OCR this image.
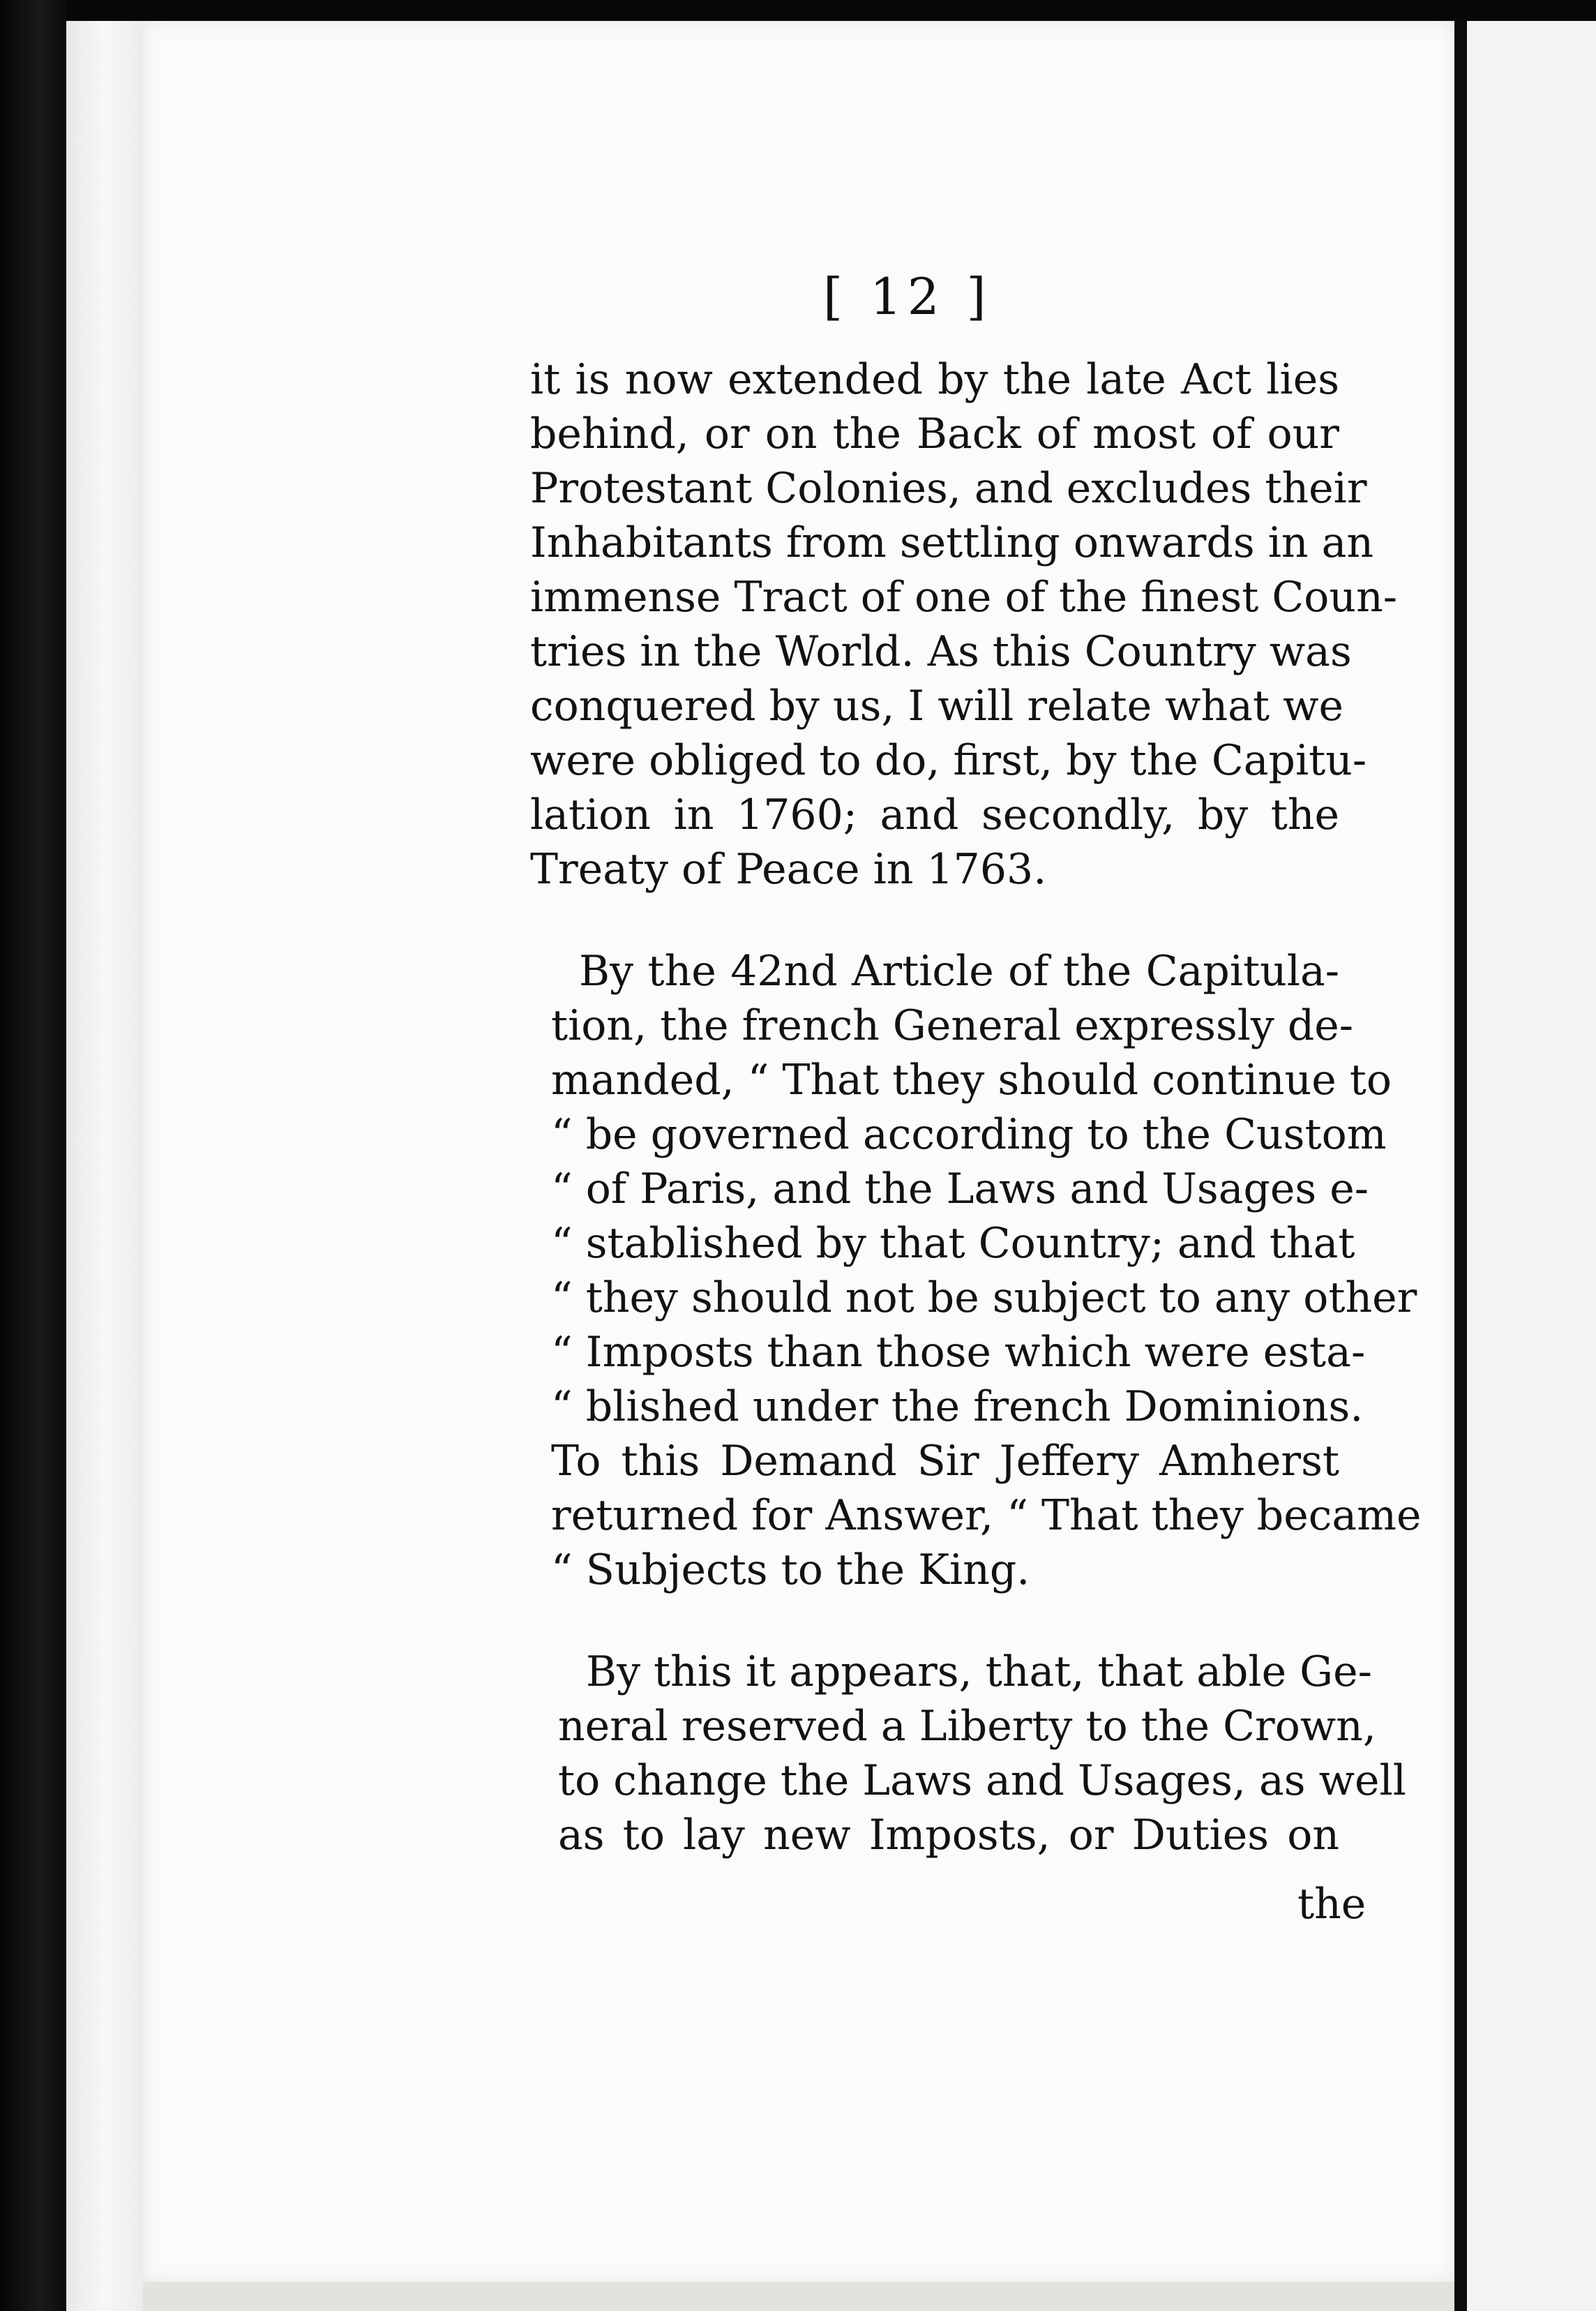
[ 12 ]
it is now extended by the late Act lies
behind, or on the Back of most of our
Protestant Colonies, and excludes their
Inhabitants from settling onwards in an
immense Tract of one of the finest Coun-
tries in the World. As this Country was
conquered by us, I will relate what we
were obliged to do, first, by the Capitu-
lation in 1760; and secondly, by the
Treaty of Peace in 1763.
By the 42nd Article of the Capitula-
tion, the french General expressly de-
manded, “ That they should continue to
“ be governed according to the Custom
“ of Paris, and the Laws and Usages e-
“ stablished by that Country; and that
“ they should not be subject to any other
“ Imposts than those which were esta-
“ blished under the french Dominions.
To this Demand Sir Jeffery Amherst
returned for Answer, “ That they became
“ Subjects to the King.
By this it appears, that, that able Ge-
neral reserved a Liberty to the Crown,
to change the Laws and Usages, as well
as to lay new Imposts, or Duties on
the
